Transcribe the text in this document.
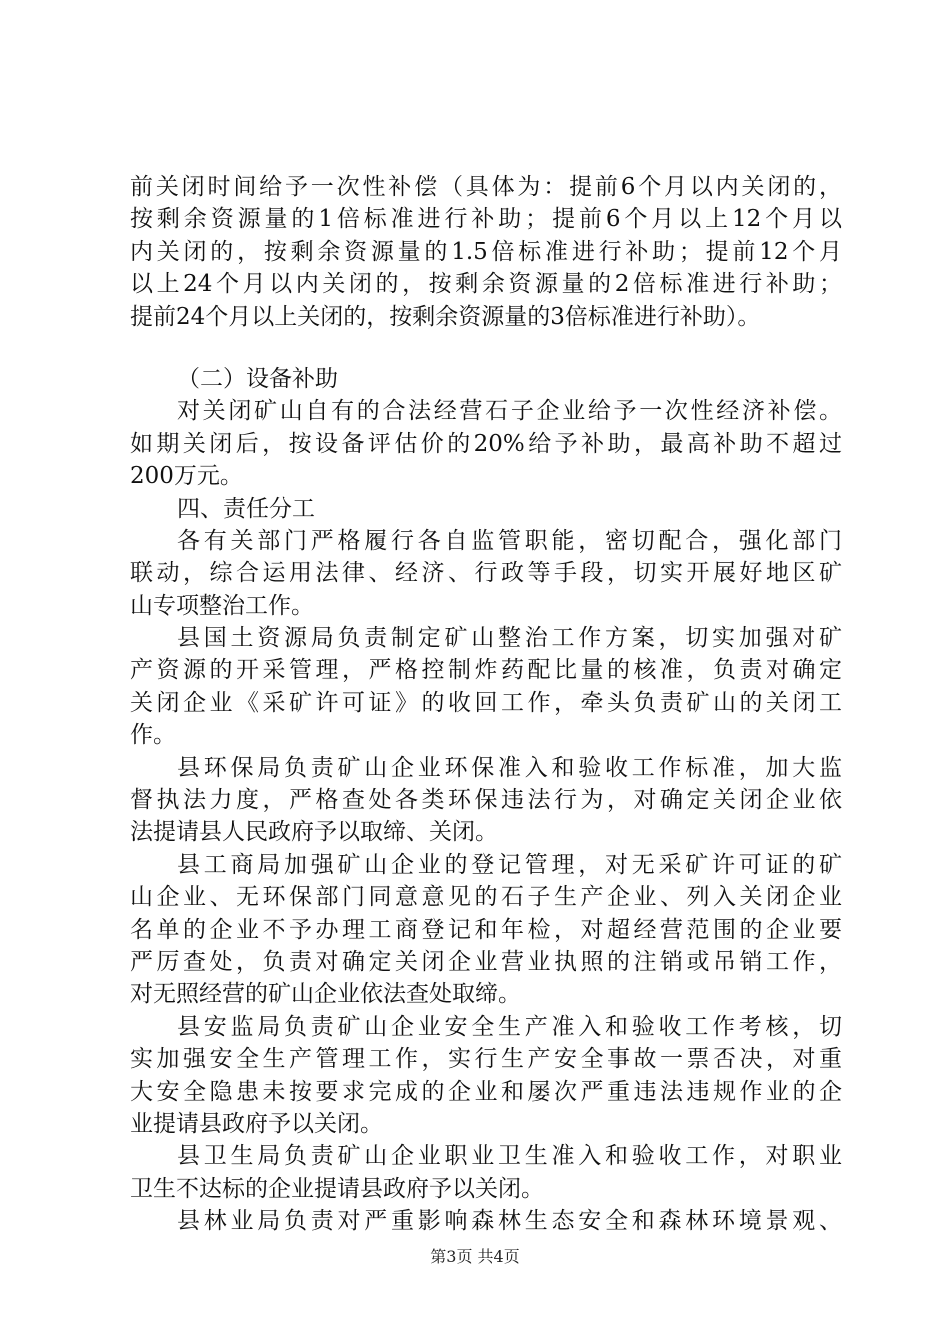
前关闭时间给予一次性补偿（具体为：提前6个月以内关闭的，
按剩余资源量的1倍标准进行补助；提前6个月以上12个月以
内关闭的，按剩余资源量的1.5倍标准进行补助；提前12个月
以上24个月以内关闭的，按剩余资源量的2倍标准进行补助；
提前24个月以上关闭的，按剩余资源量的3倍标准进行补助）。
（二）设备补助
对关闭矿山自有的合法经营石子企业给予一次性经济补偿。
如期关闭后，按设备评估价的20%给予补助，最高补助不超过
200万元。
四、责任分工
各有关部门严格履行各自监管职能，密切配合，强化部门
联动，综合运用法律、经济、行政等手段，切实开展好地区矿
山专项整治工作。
县国土资源局负责制定矿山整治工作方案，切实加强对矿
产资源的开采管理，严格控制炸药配比量的核准，负责对确定
关闭企业《采矿许可证》的收回工作，牵头负责矿山的关闭工
作。
县环保局负责矿山企业环保准入和验收工作标准，加大监
督执法力度，严格查处各类环保违法行为，对确定关闭企业依
法提请县人民政府予以取缔、关闭。
县工商局加强矿山企业的登记管理，对无采矿许可证的矿
山企业、无环保部门同意意见的石子生产企业、列入关闭企业
名单的企业不予办理工商登记和年检，对超经营范围的企业要
严厉查处，负责对确定关闭企业营业执照的注销或吊销工作，
对无照经营的矿山企业依法查处取缔。
县安监局负责矿山企业安全生产准入和验收工作考核，切
实加强安全生产管理工作，实行生产安全事故一票否决，对重
大安全隐患未按要求完成的企业和屡次严重违法违规作业的企
业提请县政府予以关闭。
县卫生局负责矿山企业职业卫生准入和验收工作，对职业
卫生不达标的企业提请县政府予以关闭。
县林业局负责对严重影响森林生态安全和森林环境景观、
第3页 共4页
